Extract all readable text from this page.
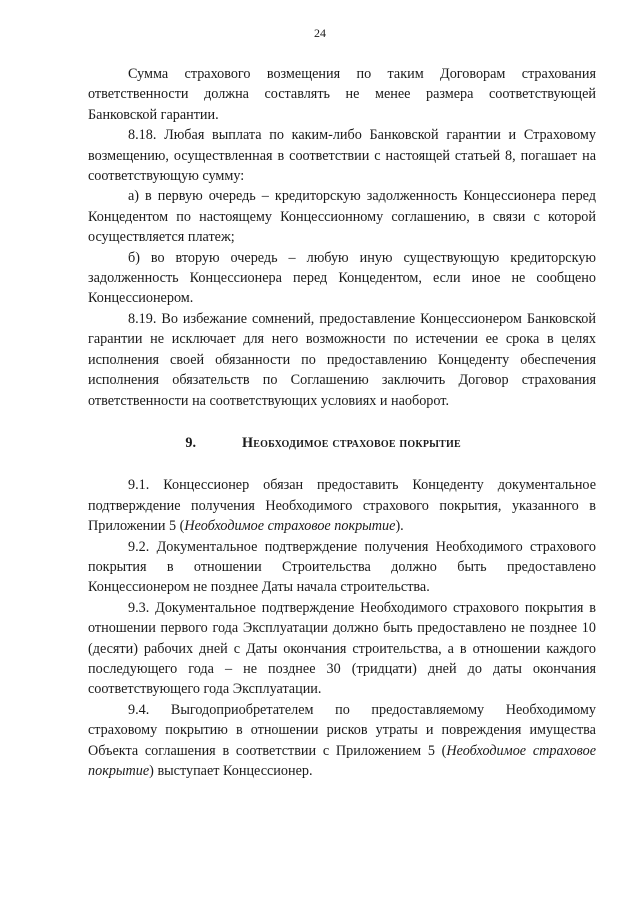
24

Сумма страхового возмещения по таким Договорам страхования ответственности должна составлять не менее размера соответствующей Банковской гарантии.

8.18. Любая выплата по каким-либо Банковской гарантии и Страховому возмещению, осуществленная в соответствии с настоящей статьей 8, погашает на соответствующую сумму:

а) в первую очередь – кредиторскую задолженность Концессионера перед Концедентом по настоящему Концессионному соглашению, в связи с которой осуществляется платеж;

б) во вторую очередь – любую иную существующую кредиторскую задолженность Концессионера перед Концедентом, если иное не сообщено Концессионером.

8.19. Во избежание сомнений, предоставление Концессионером Банковской гарантии не исключает для него возможности по истечении ее срока в целях исполнения своей обязанности по предоставлению Концеденту обеспечения исполнения обязательств по Соглашению заключить Договор страхования ответственности на соответствующих условиях и наоборот.

9.	Необходимое страховое покрытие

9.1. Концессионер обязан предоставить Концеденту документальное подтверждение получения Необходимого страхового покрытия, указанного в Приложении 5 (Необходимое страховое покрытие).

9.2. Документальное подтверждение получения Необходимого страхового покрытия в отношении Строительства должно быть предоставлено Концессионером не позднее Даты начала строительства.

9.3. Документальное подтверждение Необходимого страхового покрытия в отношении первого года Эксплуатации должно быть предоставлено не позднее 10 (десяти) рабочих дней с Даты окончания строительства, а в отношении каждого последующего года – не позднее 30 (тридцати) дней до даты окончания соответствующего года Эксплуатации.

9.4. Выгодоприобретателем по предоставляемому Необходимому страховому покрытию в отношении рисков утраты и повреждения имущества Объекта соглашения в соответствии с Приложением 5 (Необходимое страховое покрытие) выступает Концессионер.
